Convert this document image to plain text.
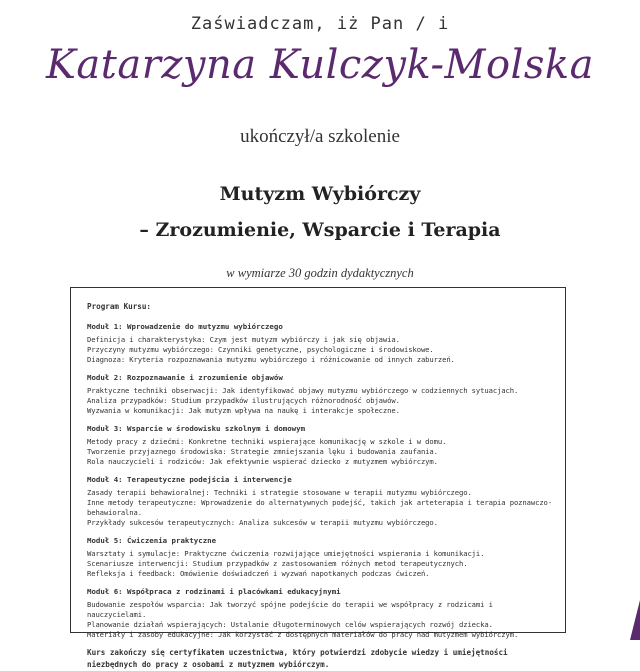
Zaświadczam, iż Pan / i
Katarzyna Kulczyk-Molska
ukończył/a szkolenie
Mutyzm Wybiórczy
– Zrozumienie, Wsparcie i Terapia
w wymiarze 30 godzin dydaktycznych
Program Kursu:
Moduł 1: Wprowadzenie do mutyzmu wybiórczego
Definicja i charakterystyka: Czym jest mutyzm wybiórczy i jak się objawia.
Przyczyny mutyzmu wybiórczego: Czynniki genetyczne, psychologiczne i środowiskowe.
Diagnoza: Kryteria rozpoznawania mutyzmu wybiórczego i różnicowanie od innych zaburzeń.
Moduł 2: Rozpoznawanie i zrozumienie objawów
Praktyczne techniki obserwacji: Jak identyfikować objawy mutyzmu wybiórczego w codziennych sytuacjach.
Analiza przypadków: Studium przypadków ilustrujących różnorodność objawów.
Wyzwania w komunikacji: Jak mutyzm wpływa na naukę i interakcje społeczne.
Moduł 3: Wsparcie w środowisku szkolnym i domowym
Metody pracy z dziećmi: Konkretne techniki wspierające komunikację w szkole i w domu.
Tworzenie przyjaznego środowiska: Strategie zmniejszania lęku i budowania zaufania.
Rola nauczycieli i rodziców: Jak efektywnie wspierać dziecko z mutyzmem wybiórczym.
Moduł 4: Terapeutyczne podejścia i interwencje
Zasady terapii behawioralnej: Techniki i strategie stosowane w terapii mutyzmu wybiórczego.
Inne metody terapeutyczne: Wprowadzenie do alternatywnych podejść, takich jak arteterapia i terapia poznawczo-
behawioralna.
Przykłady sukcesów terapeutycznych: Analiza sukcesów w terapii mutyzmu wybiórczego.
Moduł 5: Ćwiczenia praktyczne
Warsztaty i symulacje: Praktyczne ćwiczenia rozwijające umiejętności wspierania i komunikacji.
Scenariusze interwencji: Studium przypadków z zastosowaniem różnych metod terapeutycznych.
Refleksja i feedback: Omówienie doświadczeń i wyzwań napotkanych podczas ćwiczeń.
Moduł 6: Współpraca z rodzinami i placówkami edukacyjnymi
Budowanie zespołów wsparcia: Jak tworzyć spójne podejście do terapii we współpracy z rodzicami i nauczycielami.
Planowanie działań wspierających: Ustalanie długoterminowych celów wspierających rozwój dziecka.
Materiały i zasoby edukacyjne: Jak korzystać z dostępnych materiałów do pracy nad mutyzmem wybiórczym.
Kurs zakończy się certyfikatem uczestnictwa, który potwierdzi zdobycie wiedzy i umiejętności
niezbędnych do pracy z osobami z mutyzmem wybiórczym.
